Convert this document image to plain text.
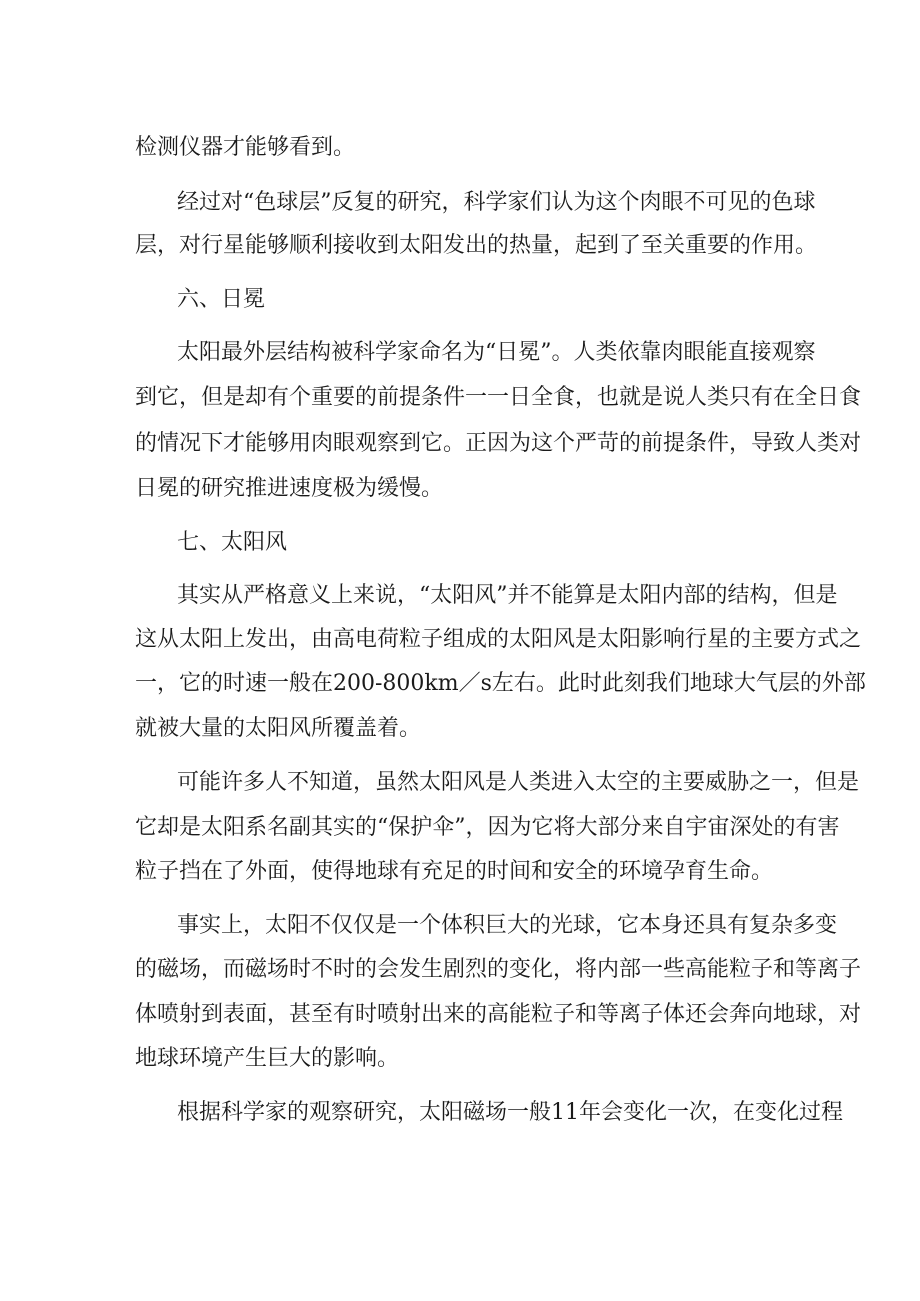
检测仪器才能够看到。
经过对“色球层”反复的研究，科学家们认为这个肉眼不可见的色球
层，对行星能够顺利接收到太阳发出的热量，起到了至关重要的作用。
六、日冕
太阳最外层结构被科学家命名为“日冕”。人类依靠肉眼能直接观察
到它，但是却有个重要的前提条件一一日全食，也就是说人类只有在全日食
的情况下才能够用肉眼观察到它。正因为这个严苛的前提条件，导致人类对
日冕的研究推进速度极为缓慢。
七、太阳风
其实从严格意义上来说，“太阳风”并不能算是太阳内部的结构，但是
这从太阳上发出，由高电荷粒子组成的太阳风是太阳影响行星的主要方式之
一，它的时速一般在200-800km／s左右。此时此刻我们地球大气层的外部
就被大量的太阳风所覆盖着。
可能许多人不知道，虽然太阳风是人类进入太空的主要威胁之一，但是
它却是太阳系名副其实的“保护伞”，因为它将大部分来自宇宙深处的有害
粒子挡在了外面，使得地球有充足的时间和安全的环境孕育生命。
事实上，太阳不仅仅是一个体积巨大的光球，它本身还具有复杂多变
的磁场，而磁场时不时的会发生剧烈的变化，将内部一些高能粒子和等离子
体喷射到表面，甚至有时喷射出来的高能粒子和等离子体还会奔向地球，对
地球环境产生巨大的影响。
根据科学家的观察研究，太阳磁场一般11年会变化一次，在变化过程
